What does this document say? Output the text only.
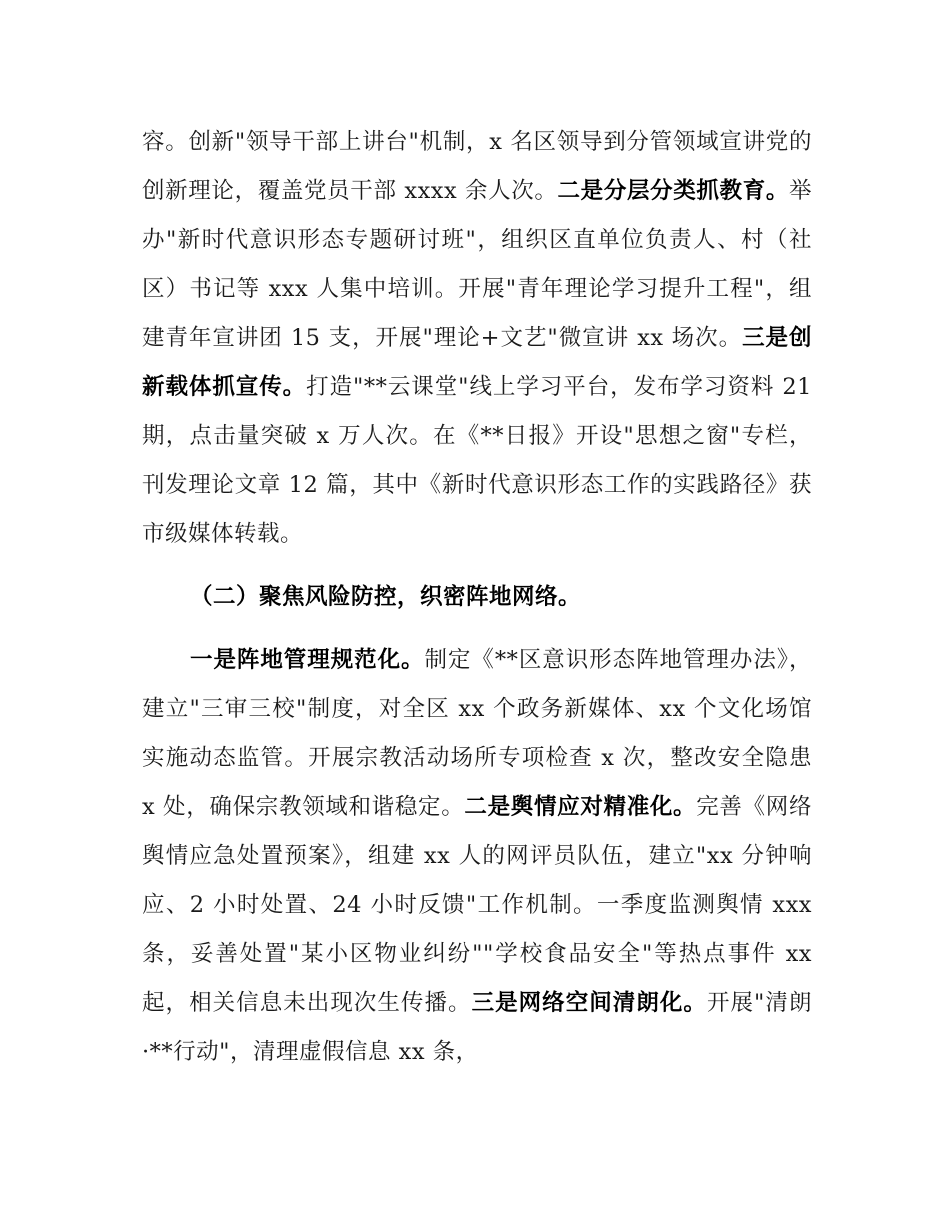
容。创新"领导干部上讲台"机制，x 名区领导到分管领域宣讲党的创新理论，覆盖党员干部 xxxx 余人次。二是分层分类抓教育。举办"新时代意识形态专题研讨班"，组织区直单位负责人、村（社区）书记等 xxx 人集中培训。开展"青年理论学习提升工程"，组建青年宣讲团 15 支，开展"理论+文艺"微宣讲 xx 场次。三是创新载体抓宣传。打造"**云课堂"线上学习平台，发布学习资料 21 期，点击量突破 x 万人次。在《**日报》开设"思想之窗"专栏，刊发理论文章 12 篇，其中《新时代意识形态工作的实践路径》获市级媒体转载。

（二）聚焦风险防控，织密阵地网络。

一是阵地管理规范化。制定《**区意识形态阵地管理办法》，建立"三审三校"制度，对全区 xx 个政务新媒体、xx 个文化场馆实施动态监管。开展宗教活动场所专项检查 x 次，整改安全隐患 x 处，确保宗教领域和谐稳定。二是舆情应对精准化。完善《网络舆情应急处置预案》，组建 xx 人的网评员队伍，建立"xx 分钟响应、2 小时处置、24 小时反馈"工作机制。一季度监测舆情 xxx 条，妥善处置"某小区物业纠纷""学校食品安全"等热点事件 xx 起，相关信息未出现次生传播。三是网络空间清朗化。开展"清朗·**行动"，清理虚假信息 xx 条，
